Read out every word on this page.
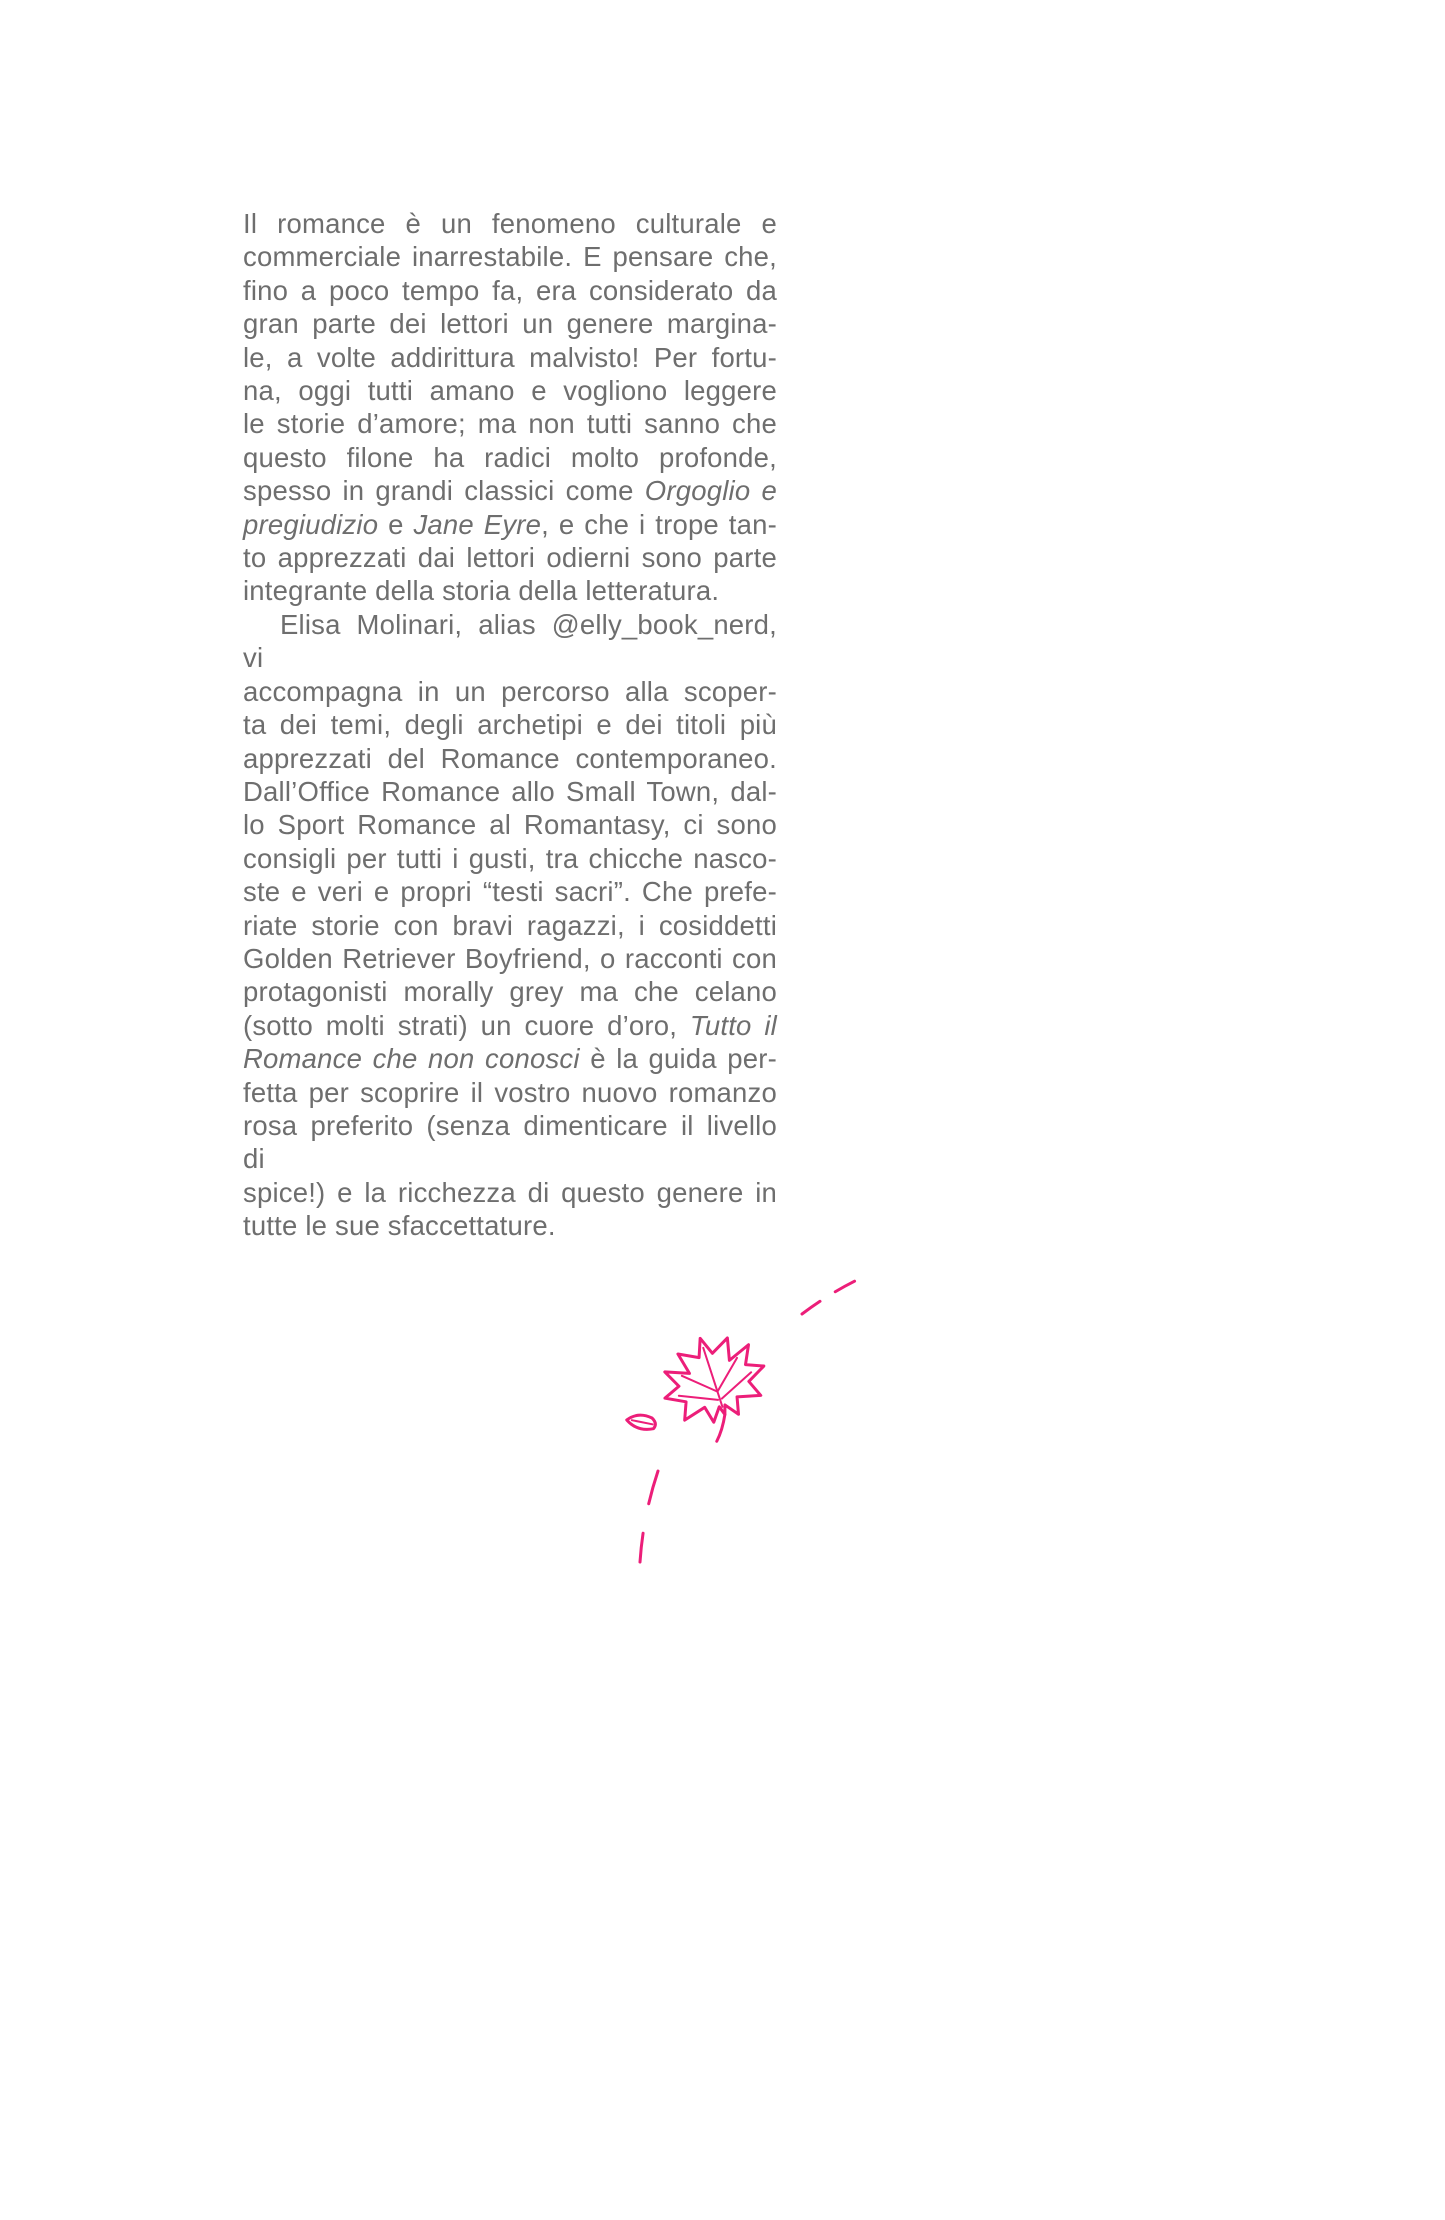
Il romance è un fenomeno culturale e
commerciale inarrestabile. E pensare che,
fino a poco tempo fa, era considerato da
gran parte dei lettori un genere margina-
le, a volte addirittura malvisto! Per fortu-
na, oggi tutti amano e vogliono leggere
le storie d’amore; ma non tutti sanno che
questo filone ha radici molto profonde,
spesso in grandi classici come Orgoglio e
pregiudizio e Jane Eyre, e che i trope tan-
to apprezzati dai lettori odierni sono parte
integrante della storia della letteratura.
Elisa Molinari, alias @elly_book_nerd, vi
accompagna in un percorso alla scoper-
ta dei temi, degli archetipi e dei titoli più
apprezzati del Romance contemporaneo.
Dall’Office Romance allo Small Town, dal-
lo Sport Romance al Romantasy, ci sono
consigli per tutti i gusti, tra chicche nasco-
ste e veri e propri “testi sacri”. Che prefe-
riate storie con bravi ragazzi, i cosiddetti
Golden Retriever Boyfriend, o racconti con
protagonisti morally grey ma che celano
(sotto molti strati) un cuore d’oro, Tutto il
Romance che non conosci è la guida per-
fetta per scoprire il vostro nuovo romanzo
rosa preferito (senza dimenticare il livello di
spice!) e la ricchezza di questo genere in
tutte le sue sfaccettature.
